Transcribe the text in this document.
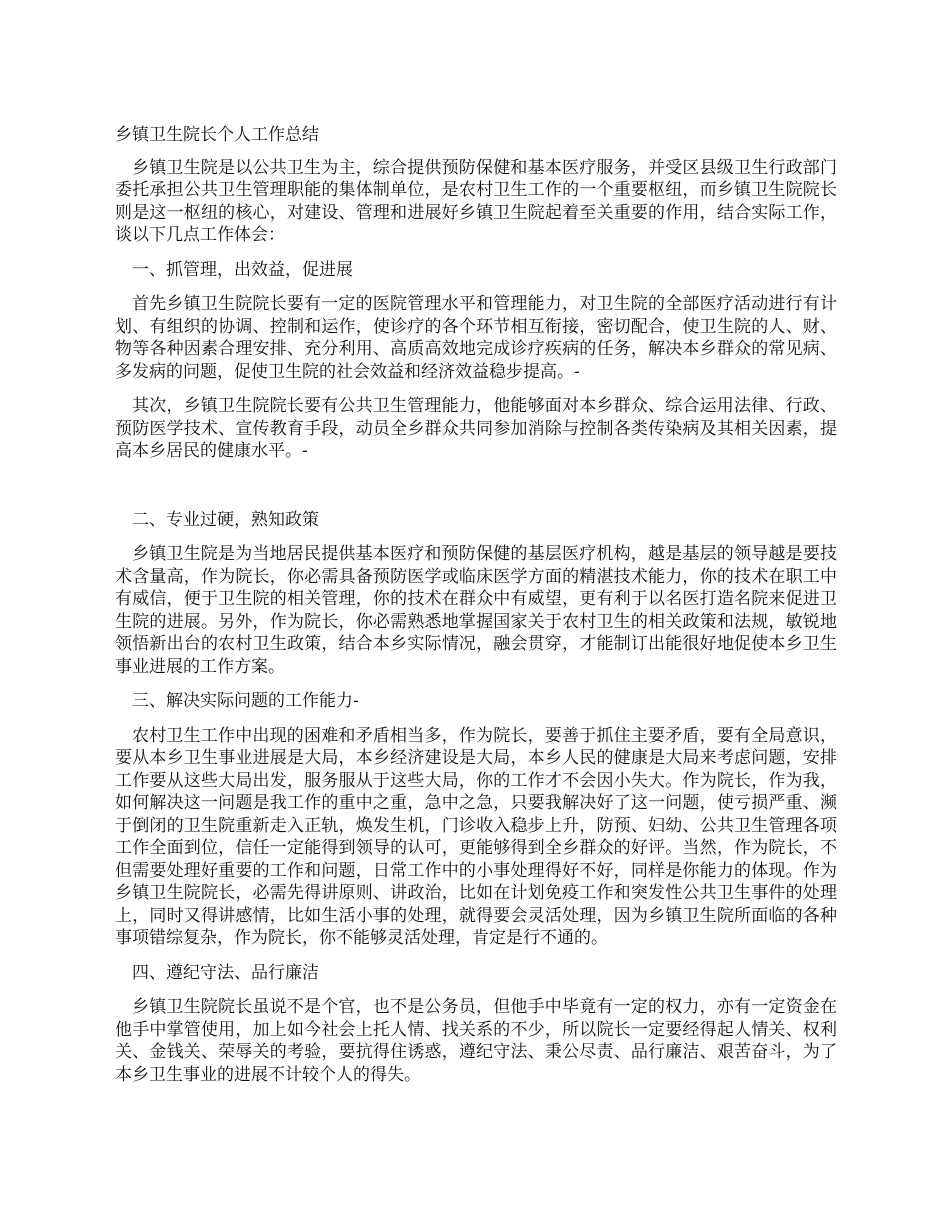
乡镇卫生院长个人工作总结

乡镇卫生院是以公共卫生为主，综合提供预防保健和基本医疗服务，并受区县级卫生行政部门委托承担公共卫生管理职能的集体制单位，是农村卫生工作的一个重要枢纽，而乡镇卫生院院长则是这一枢纽的核心，对建设、管理和进展好乡镇卫生院起着至关重要的作用，结合实际工作，谈以下几点工作体会：

一、抓管理，出效益，促进展

首先乡镇卫生院院长要有一定的医院管理水平和管理能力，对卫生院的全部医疗活动进行有计划、有组织的协调、控制和运作，使诊疗的各个环节相互衔接，密切配合，使卫生院的人、财、物等各种因素合理安排、充分利用、高质高效地完成诊疗疾病的任务，解决本乡群众的常见病、多发病的问题，促使卫生院的社会效益和经济效益稳步提高。-

其次，乡镇卫生院院长要有公共卫生管理能力，他能够面对本乡群众、综合运用法律、行政、预防医学技术、宣传教育手段，动员全乡群众共同参加消除与控制各类传染病及其相关因素，提高本乡居民的健康水平。-

二、专业过硬，熟知政策

乡镇卫生院是为当地居民提供基本医疗和预防保健的基层医疗机构，越是基层的领导越是要技术含量高，作为院长，你必需具备预防医学或临床医学方面的精湛技术能力，你的技术在职工中有威信，便于卫生院的相关管理，你的技术在群众中有威望，更有利于以名医打造名院来促进卫生院的进展。另外，作为院长，你必需熟悉地掌握国家关于农村卫生的相关政策和法规，敏锐地领悟新出台的农村卫生政策，结合本乡实际情况，融会贯穿，才能制订出能很好地促使本乡卫生事业进展的工作方案。

三、解决实际问题的工作能力-

农村卫生工作中出现的困难和矛盾相当多，作为院长，要善于抓住主要矛盾，要有全局意识，要从本乡卫生事业进展是大局，本乡经济建设是大局，本乡人民的健康是大局来考虑问题，安排工作要从这些大局出发，服务服从于这些大局，你的工作才不会因小失大。作为院长，作为我，如何解决这一问题是我工作的重中之重，急中之急，只要我解决好了这一问题，使亏损严重、濒于倒闭的卫生院重新走入正轨，焕发生机，门诊收入稳步上升，防预、妇幼、公共卫生管理各项工作全面到位，信任一定能得到领导的认可，更能够得到全乡群众的好评。当然，作为院长，不但需要处理好重要的工作和问题，日常工作中的小事处理得好不好，同样是你能力的体现。作为乡镇卫生院院长，必需先得讲原则、讲政治，比如在计划免疫工作和突发性公共卫生事件的处理上，同时又得讲感情，比如生活小事的处理，就得要会灵活处理，因为乡镇卫生院所面临的各种事项错综复杂，作为院长，你不能够灵活处理，肯定是行不通的。

四、遵纪守法、品行廉洁

乡镇卫生院院长虽说不是个官，也不是公务员，但他手中毕竟有一定的权力，亦有一定资金在他手中掌管使用，加上如今社会上托人情、找关系的不少，所以院长一定要经得起人情关、权利关、金钱关、荣辱关的考验，要抗得住诱惑，遵纪守法、秉公尽责、品行廉洁、艰苦奋斗，为了本乡卫生事业的进展不计较个人的得失。
